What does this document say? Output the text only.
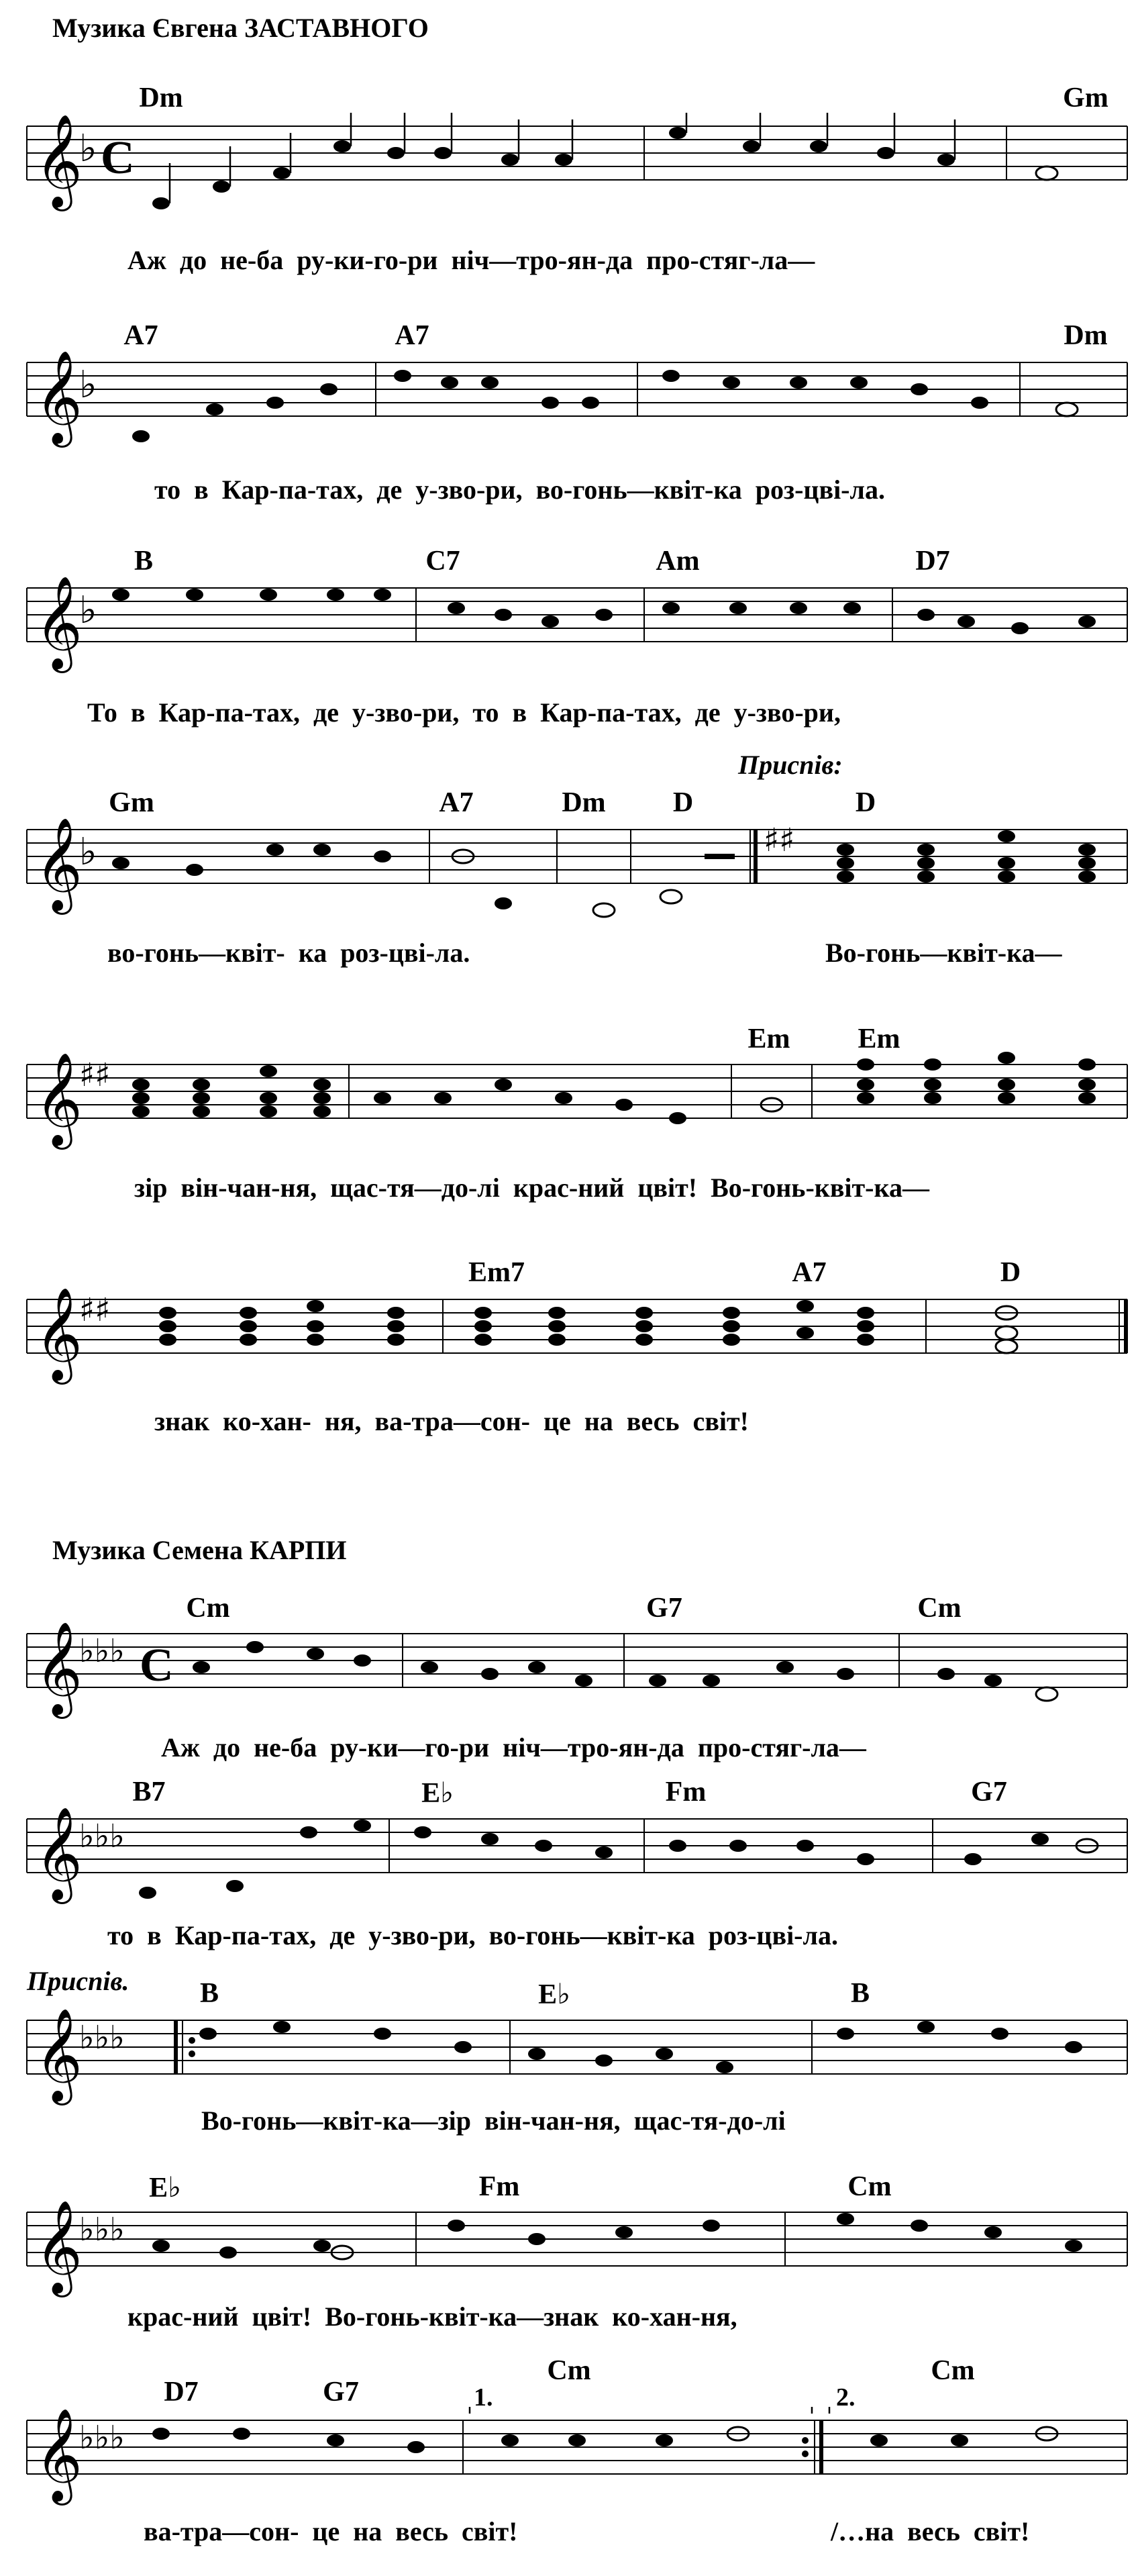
Музика Євгена ЗАСТАВНОГО
Dm	Gm
𝄞
♭ C
Аж до не-ба ру-ки-го-ри ніч—тро-ян-да про-стяг-ла—
A7	A7	Dm
𝄞
♭
то в Кар-па-тах, де у-зво-ри, во-гонь—квіт-ка роз-цві-ла.
B	C7	Am	D7
𝄞
♭
То в Кар-па-тах, де у-зво-ри, то в Кар-па-тах, де у-зво-ри,
Приспів:
Gm	A7	Dm D	D
𝄞
♭	♯♯
во-гонь—квіт- ка роз-цві-ла.	Во-гонь—квіт-ка—
Em Em
𝄞
♯♯
зір він-чан-ня, щас-тя—до-лі крас-ний цвіт! Во-гонь-квіт-ка—
Em7	A7	D
𝄞
♯♯
знак ко-хан- ня, ва-тра—сон- це на весь світ!
Музика Семена КАРПИ
Cm	G7	Cm
𝄞
♭♭♭ C
Аж до не-ба ру-ки—го-ри ніч—тро-ян-да про-стяг-ла—
B7	E♭	Fm	G7
𝄞
♭♭♭
то в Кар-па-тах, де у-зво-ри, во-гонь—квіт-ка роз-цві-ла.
Приспів.	B	E♭	B
𝄞
♭♭♭
Во-гонь—квіт-ка—зір він-чан-ня, щас-тя-до-лі
E♭	Fm	Cm
𝄞
♭♭♭
крас-ний цвіт! Во-гонь-квіт-ка—знак ко-хан-ня,
D7	G7
Cm	Cm
1.	2.
𝄞
♭♭♭
ва-тра—сон- це на весь світ!	/…на весь світ!
